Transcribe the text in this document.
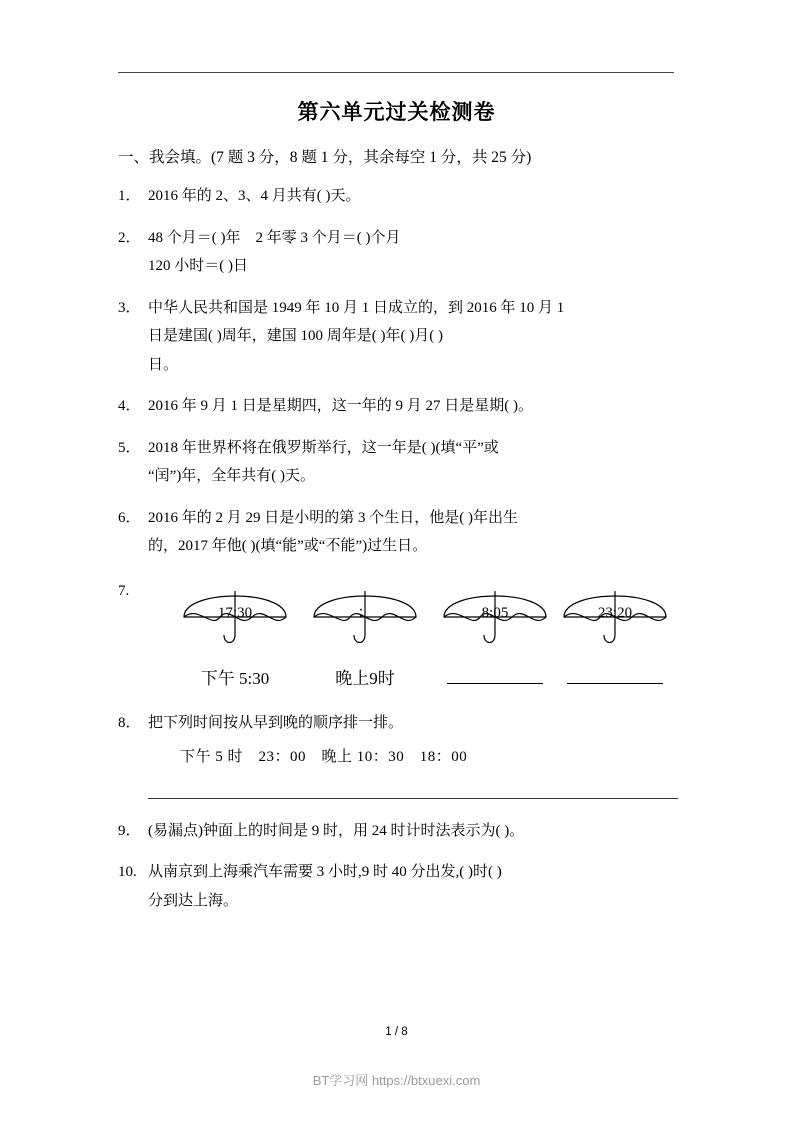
第六单元过关检测卷
一、我会填。(7 题 3 分，8 题 1 分，其余每空 1 分，共 25 分)
1． 2016 年的 2、3、4 月共有( )天。
2． 48 个月＝( )年　2 年零 3 个月＝( )个月
120 小时＝( )日
3． 中华人民共和国是 1949 年 10 月 1 日成立的，到 2016 年 10 月 1
日是建国( )周年，建国 100 周年是( )年( )月( )
日。
4． 2016 年 9 月 1 日是星期四，这一年的 9 月 27 日是星期( )。
5． 2018 年世界杯将在俄罗斯举行，这一年是( )(填“平”或
“闰”)年，全年共有( )天。
6． 2016 年的 2 月 29 日是小明的第 3 个生日，他是( )年出生
的，2017 年他( )(填“能”或“不能”)过生日。
7.
17:30	：	8:05	23:20
下午 5:30	晚上9时
8． 把下列时间按从早到晚的顺序排一排。
下午 5 时　23：00　晚上 10：30　18：00
9． (易漏点)钟面上的时间是 9 时，用 24 时计时法表示为( )。
10. 从南京到上海乘汽车需要 3 小时,9 时 40 分出发,( )时( )
分到达上海。
1 / 8
BT学习网 https://btxuexi.com
